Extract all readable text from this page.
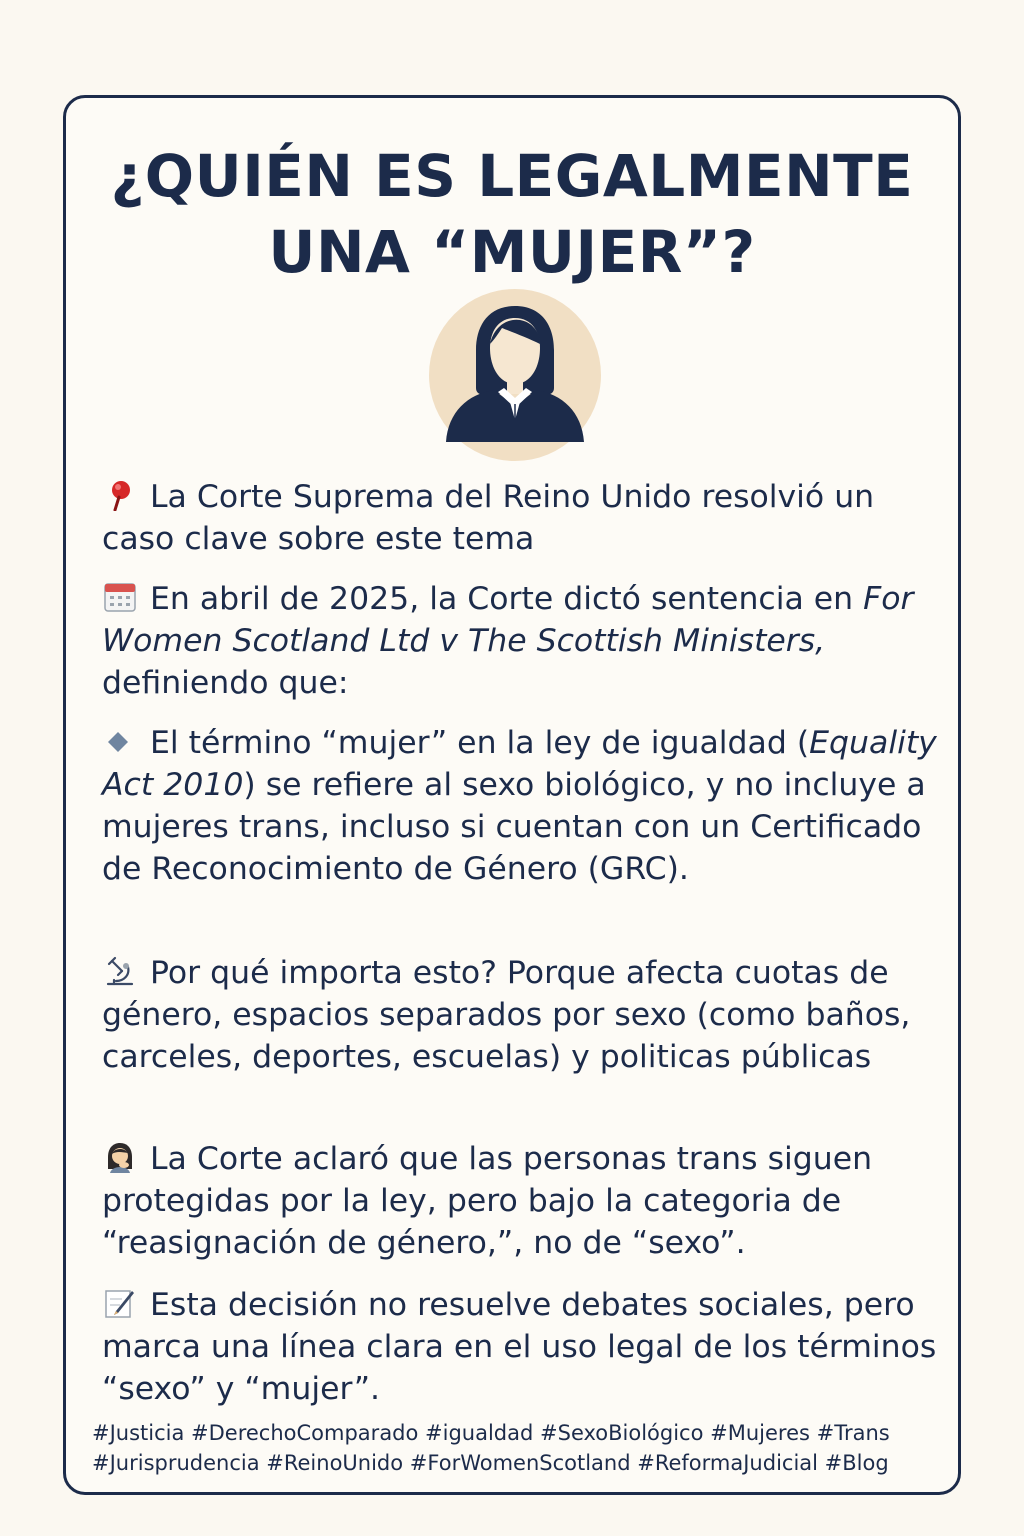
¿QUIÉN ES LEGALMENTE
UNA “MUJER”?
La Corte Suprema del Reino Unido resolvió un caso clave sobre este tema
En abril de 2025, la Corte dictó sentencia en For Women Scotland Ltd v The Scottish Ministers, definiendo que:
El término “mujer” en la ley de igualdad (Equality Act 2010) se refiere al sexo biológico, y no incluye a mujeres trans, incluso si cuentan con un Certificado de Reconocimiento de Género (GRC).
Por qué importa esto? Porque afecta cuotas de género, espacios separados por sexo (como baños, carceles, deportes, escuelas) y politicas públicas
La Corte aclaró que las personas trans siguen protegidas por la ley, pero bajo la categoria de “reasignación de género,”, no de “sexo”.
Esta decisión no resuelve debates sociales, pero marca una línea clara en el uso legal de los términos “sexo” y “mujer”.
#Justicia #DerechoComparado #igualdad #SexoBiológico #Mujeres #Trans
#Jurisprudencia #ReinoUnido #ForWomenScotland #ReformaJudicial #Blog
